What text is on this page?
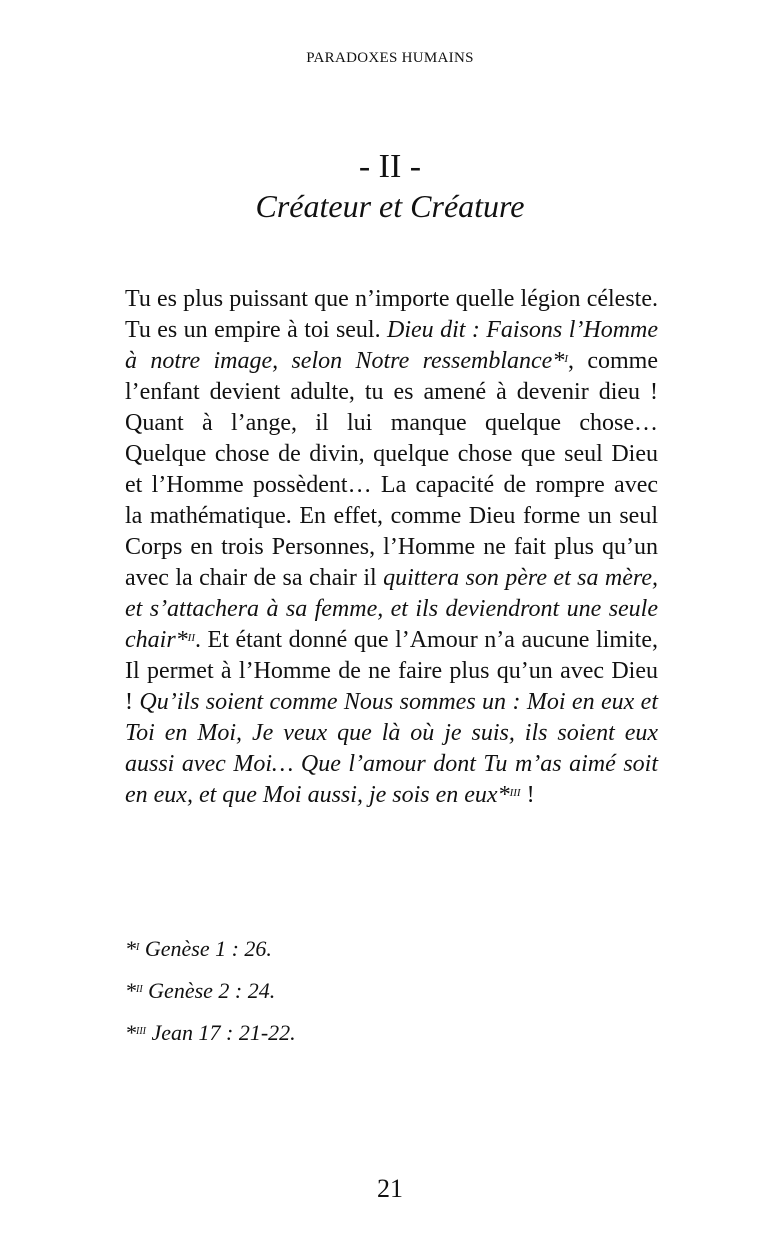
PARADOXES HUMAINS
- II -
Créateur et Créature

Tu es plus puissant que n’importe quelle légion céleste. Tu es un empire à toi seul. Dieu dit : Faisons l’Homme à notre image, selon Notre ressemblance*$^I$, comme l’enfant devient adulte, tu es amené à devenir dieu ! Quant à l’ange, il lui manque quelque chose… Quelque chose de divin, quelque chose que seul Dieu et l’Homme possèdent… La capacité de rompre avec la mathématique. En effet, comme Dieu forme un seul Corps en trois Personnes, l’Homme ne fait plus qu’un avec la chair de sa chair il quittera son père et sa mère, et s’attachera à sa femme, et ils deviendront une seule chair*$^{II}$. Et étant donné que l’Amour n’a aucune limite, Il permet à l’Homme de ne faire plus qu’un avec Dieu ! Qu’ils soient comme Nous sommes un : Moi en eux et Toi en Moi, Je veux que là où je suis, ils soient eux aussi avec Moi… Que l’amour dont Tu m’as aimé soit en eux, et que Moi aussi, je sois en eux*$^{III}$ !

*$^I$ Genèse 1 : 26.
*$^{II}$ Genèse 2 : 24.
*$^{III}$ Jean 17 : 21-22.
21
